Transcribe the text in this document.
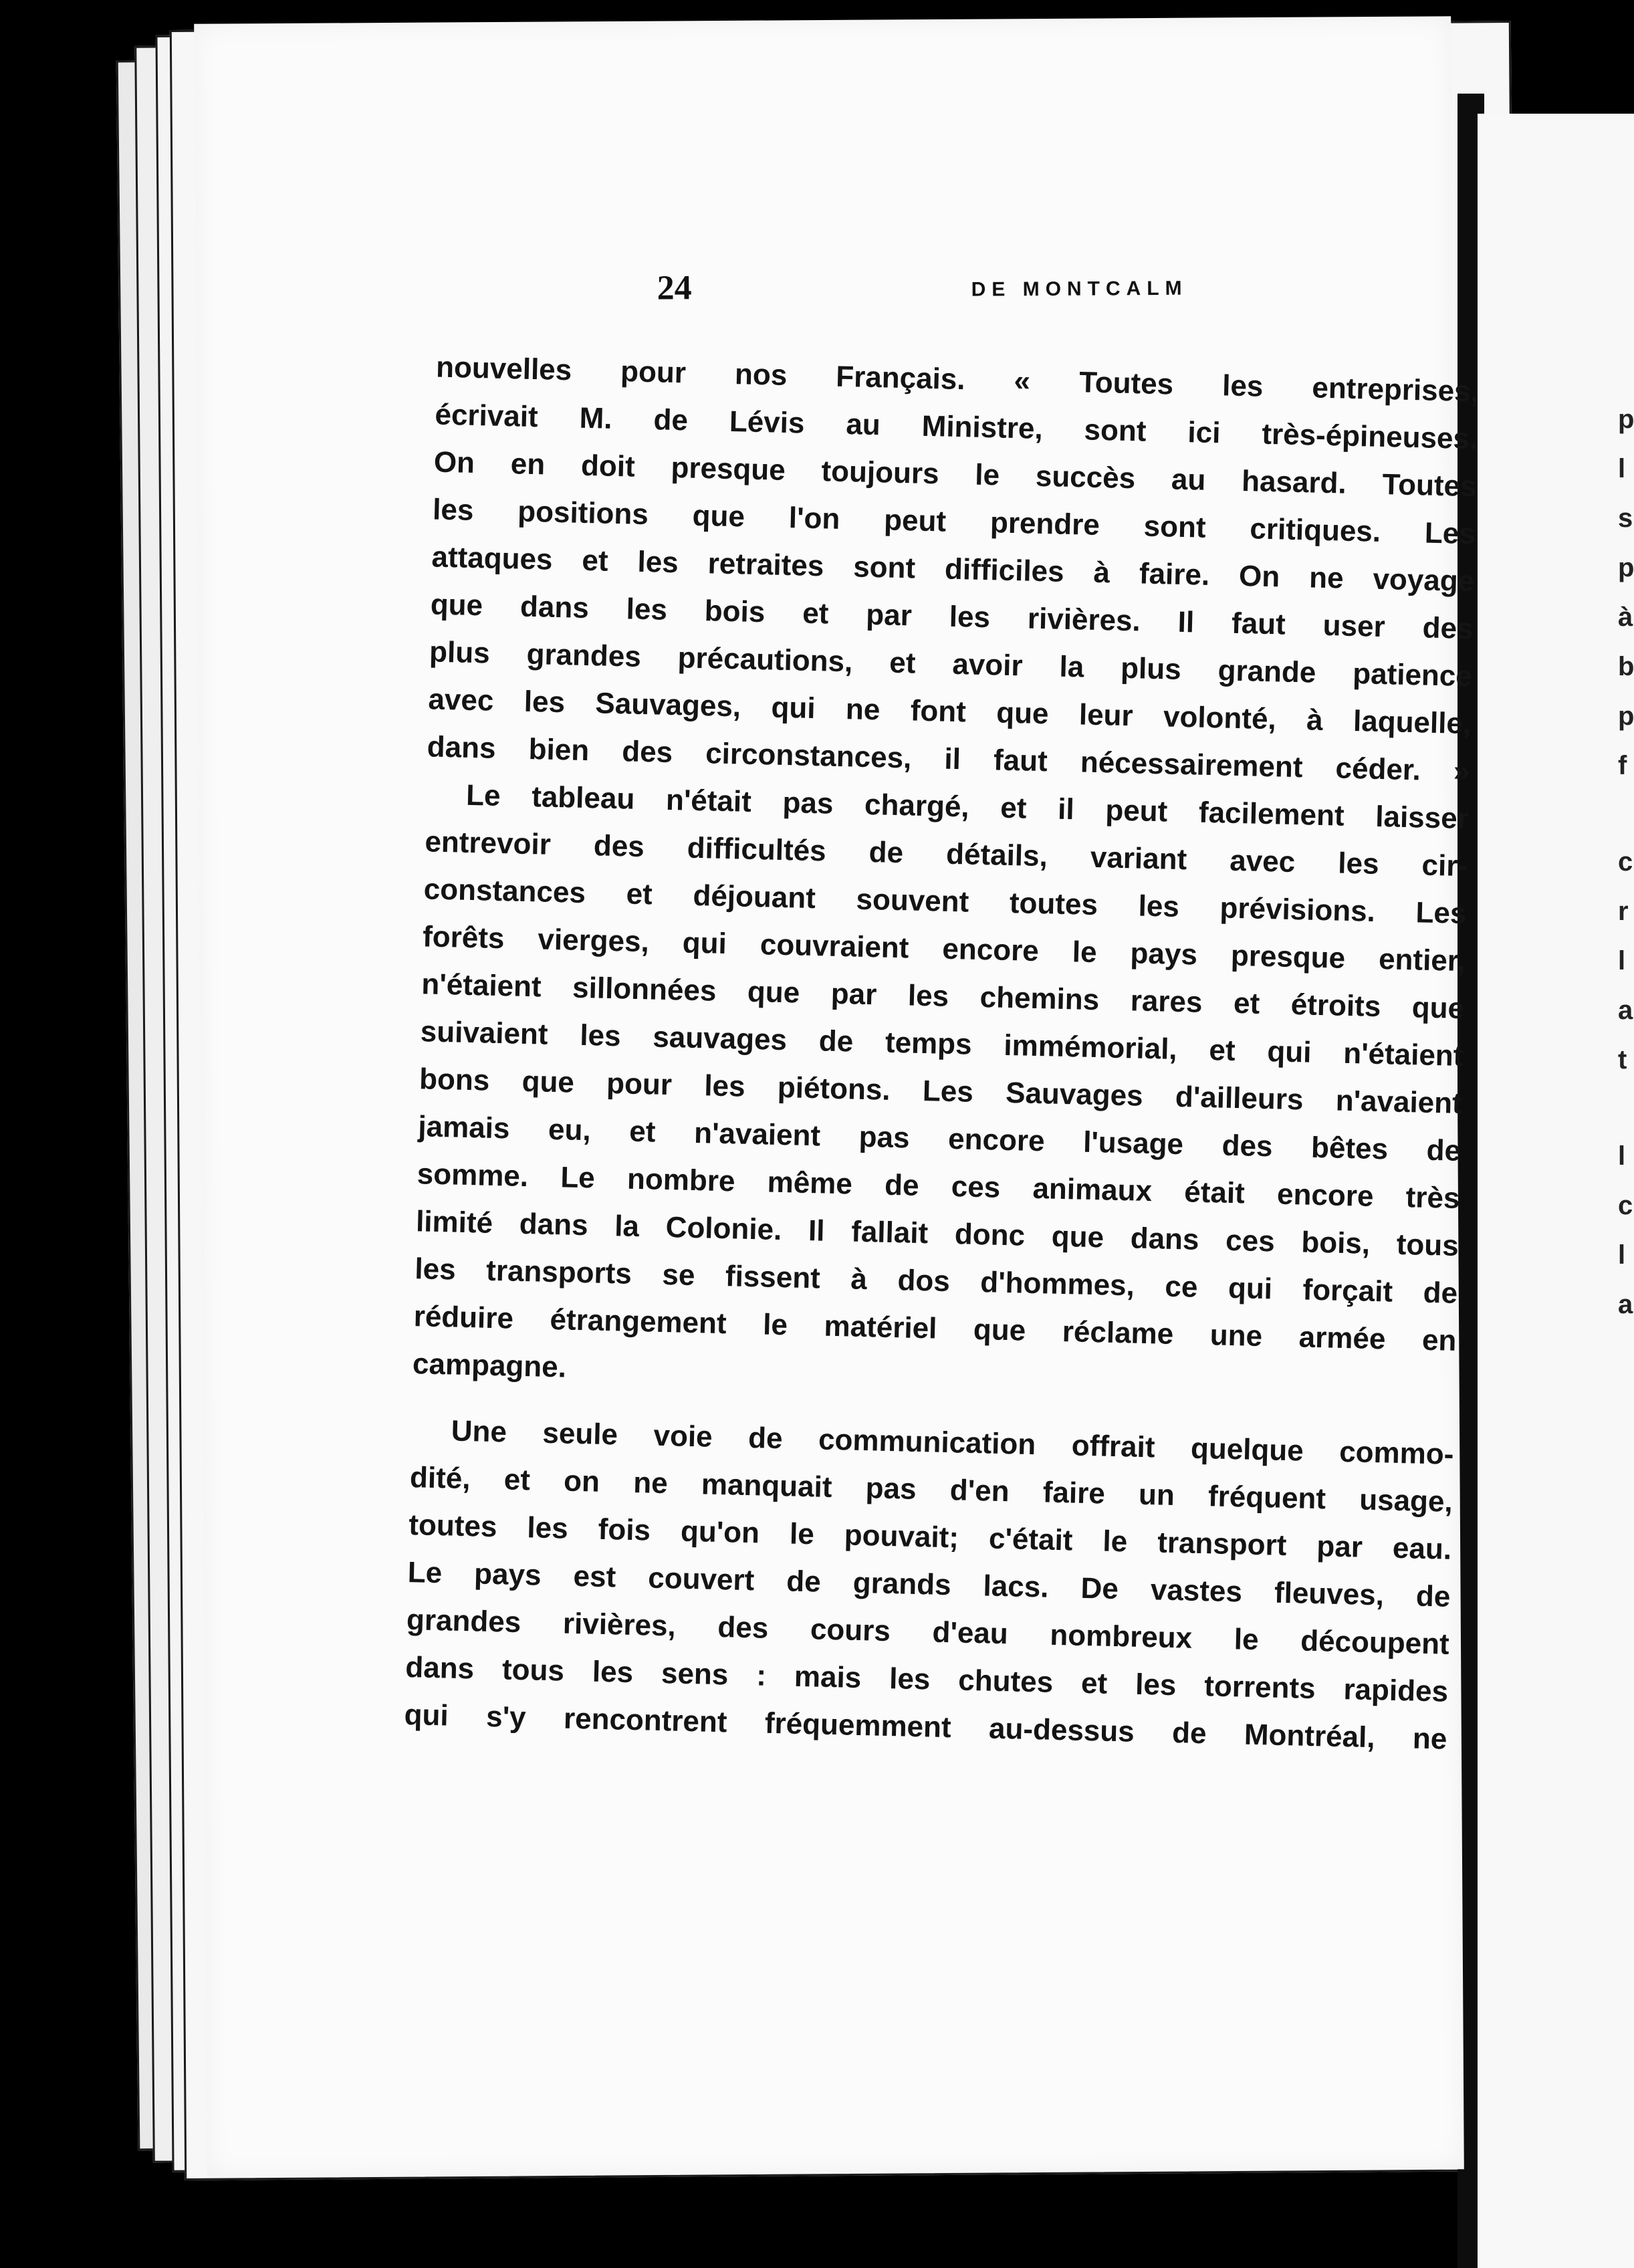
p
l
s
p
à
b
p
f
c
r
l
a
t
l
c
l
a
24	DE MONTCALM
nouvelles pour nos Français. « Toutes les entreprises,
écrivait M. de Lévis au Ministre, sont ici très-épineuses.
On en doit presque toujours le succès au hasard. Toutes
les positions que l'on peut prendre sont critiques. Les
attaques et les retraites sont difficiles à faire. On ne voyage
que dans les bois et par les rivières. Il faut user des
plus grandes précautions, et avoir la plus grande patience
avec les Sauvages, qui ne font que leur volonté, à laquelle,
dans bien des circonstances, il faut nécessairement céder. »
Le tableau n'était pas chargé, et il peut facilement laisser
entrevoir des difficultés de détails, variant avec les cir-
constances et déjouant souvent toutes les prévisions. Les
forêts vierges, qui couvraient encore le pays presque entier,
n'étaient sillonnées que par les chemins rares et étroits que
suivaient les sauvages de temps immémorial, et qui n'étaient
bons que pour les piétons. Les Sauvages d'ailleurs n'avaient
jamais eu, et n'avaient pas encore l'usage des bêtes de
somme. Le nombre même de ces animaux était encore très
limité dans la Colonie. Il fallait donc que dans ces bois, tous
les transports se fissent à dos d'hommes, ce qui forçait de
réduire étrangement le matériel que réclame une armée en
campagne.
Une seule voie de communication offrait quelque commo-
dité, et on ne manquait pas d'en faire un fréquent usage,
toutes les fois qu'on le pouvait; c'était le transport par eau.
Le pays est couvert de grands lacs. De vastes fleuves, de
grandes rivières, des cours d'eau nombreux le découpent
dans tous les sens : mais les chutes et les torrents rapides
qui s'y rencontrent fréquemment au-dessus de Montréal, ne
